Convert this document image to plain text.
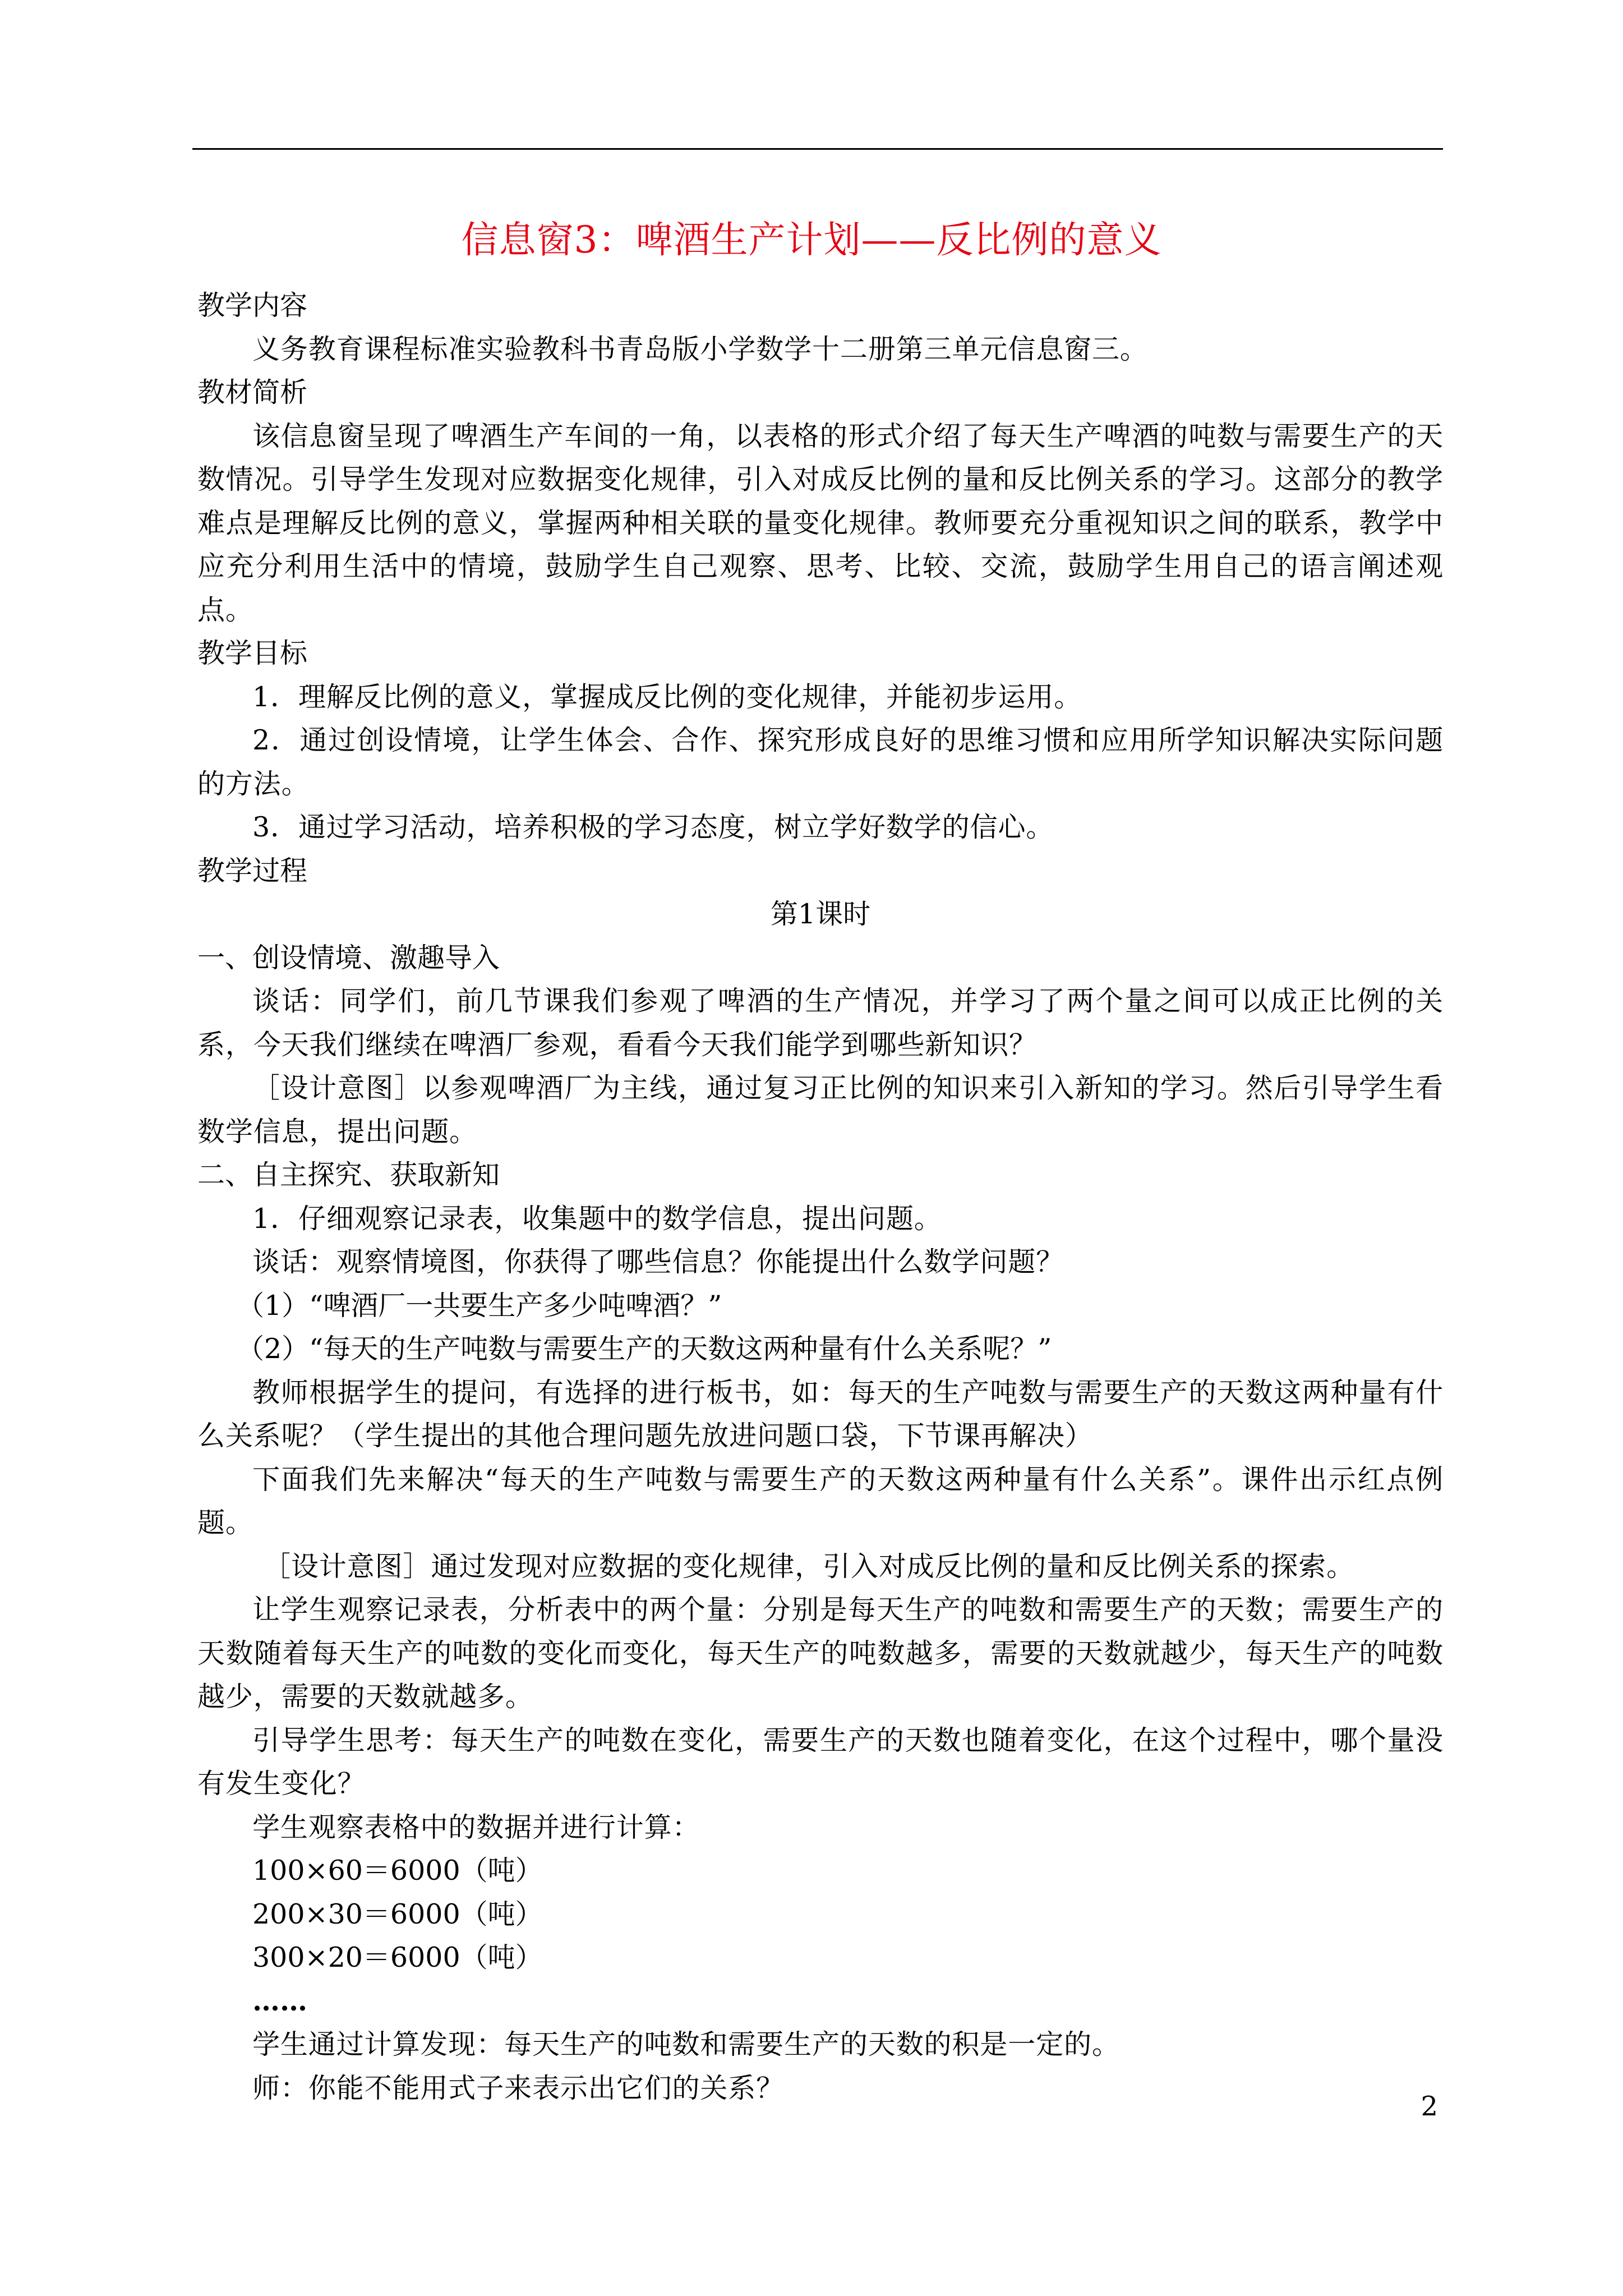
信息窗3：啤酒生产计划——反比例的意义

教学内容

义务教育课程标准实验教科书青岛版小学数学十二册第三单元信息窗三。

教材简析

该信息窗呈现了啤酒生产车间的一角，以表格的形式介绍了每天生产啤酒的吨数与需要生产的天数情况。引导学生发现对应数据变化规律，引入对成反比例的量和反比例关系的学习。这部分的教学难点是理解反比例的意义，掌握两种相关联的量变化规律。教师要充分重视知识之间的联系，教学中应充分利用生活中的情境，鼓励学生自己观察、思考、比较、交流，鼓励学生用自己的语言阐述观点。

教学目标

1．理解反比例的意义，掌握成反比例的变化规律，并能初步运用。

2．通过创设情境，让学生体会、合作、探究形成良好的思维习惯和应用所学知识解决实际问题的方法。

3．通过学习活动，培养积极的学习态度，树立学好数学的信心。

教学过程

第1课时

一、创设情境、激趣导入

谈话：同学们，前几节课我们参观了啤酒的生产情况，并学习了两个量之间可以成正比例的关系，今天我们继续在啤酒厂参观，看看今天我们能学到哪些新知识？

［设计意图］以参观啤酒厂为主线，通过复习正比例的知识来引入新知的学习。然后引导学生看数学信息，提出问题。

二、自主探究、获取新知

1．仔细观察记录表，收集题中的数学信息，提出问题。

谈话：观察情境图，你获得了哪些信息？你能提出什么数学问题？

（1）“啤酒厂一共要生产多少吨啤酒？”

（2）“每天的生产吨数与需要生产的天数这两种量有什么关系呢？”

教师根据学生的提问，有选择的进行板书，如：每天的生产吨数与需要生产的天数这两种量有什么关系呢？（学生提出的其他合理问题先放进问题口袋，下节课再解决）

下面我们先来解决“每天的生产吨数与需要生产的天数这两种量有什么关系”。课件出示红点例题。

［设计意图］通过发现对应数据的变化规律，引入对成反比例的量和反比例关系的探索。

让学生观察记录表，分析表中的两个量：分别是每天生产的吨数和需要生产的天数；需要生产的天数随着每天生产的吨数的变化而变化，每天生产的吨数越多，需要的天数就越少，每天生产的吨数越少，需要的天数就越多。

引导学生思考：每天生产的吨数在变化，需要生产的天数也随着变化，在这个过程中，哪个量没有发生变化？

学生观察表格中的数据并进行计算：

100×60＝6000（吨）

200×30＝6000（吨）

300×20＝6000（吨）

……

学生通过计算发现：每天生产的吨数和需要生产的天数的积是一定的。

师：你能不能用式子来表示出它们的关系？

2
